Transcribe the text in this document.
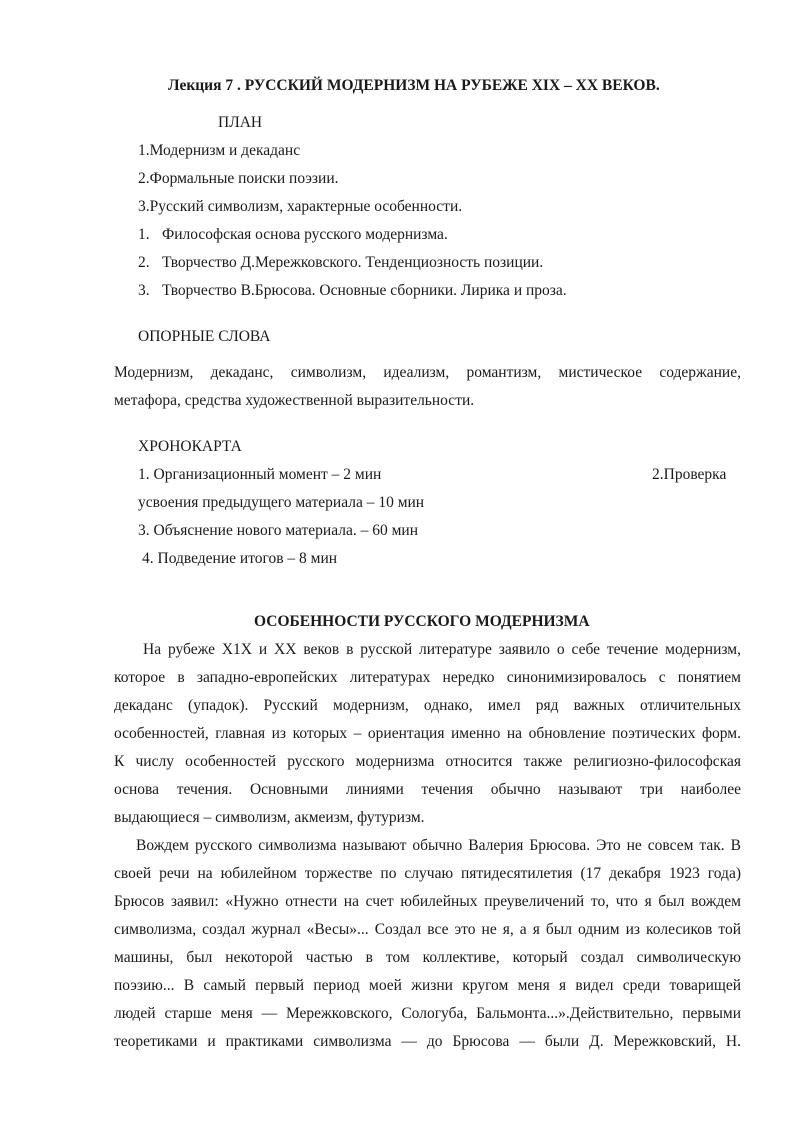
Лекция 7 . РУССКИЙ МОДЕРНИЗМ НА РУБЕЖЕ XIX – XX ВЕКОВ.
ПЛАН
1.Модернизм и декаданс
2.Формальные поиски поэзии.
3.Русский символизм, характерные особенности.
1. Философская основа русского модернизма.
2. Творчество Д.Мережковского. Тенденциозность позиции.
3. Творчество В.Брюсова. Основные сборники. Лирика и проза.
ОПОРНЫЕ СЛОВА
Модернизм, декаданс, символизм, идеализм, романтизм, мистическое содержание,
метафора, средства художественной выразительности.
ХРОНОКАРТА
1. Организационный момент – 2 мин	2.Проверка
усвоения предыдущего материала – 10 мин
3. Объяснение нового материала. – 60 мин
4. Подведение итогов – 8 мин
ОСОБЕННОСТИ РУССКОГО МОДЕРНИЗМА
На рубеже X1X и XX веков в русской литературе заявило о себе течение модернизм,
которое в западно-европейских литературах нередко синонимизировалось с понятием
декаданс (упадок). Русский модернизм, однако, имел ряд важных отличительных
особенностей, главная из которых – ориентация именно на обновление поэтических форм.
К числу особенностей русского модернизма относится также религиозно-философская
основа течения. Основными линиями течения обычно называют три наиболее
выдающиеся – символизм, акмеизм, футуризм.
Вождем русского символизма называют обычно Валерия Брюсова. Это не совсем так. В
своей речи на юбилейном торжестве по случаю пятидесятилетия (17 декабря 1923 года)
Брюсов заявил: «Нужно отнести на счет юбилейных преувеличений то, что я был вождем
символизма, создал журнал «Весы»... Создал все это не я, а я был одним из колесиков той
машины, был некоторой частью в том коллективе, который создал символическую
поэзию... В самый первый период моей жизни кругом меня я видел среди товарищей
людей старше меня — Мережковского, Сологуба, Бальмонта...».Действительно, первыми
теоретиками и практиками символизма — до Брюсова — были Д. Мережковский, Н.
